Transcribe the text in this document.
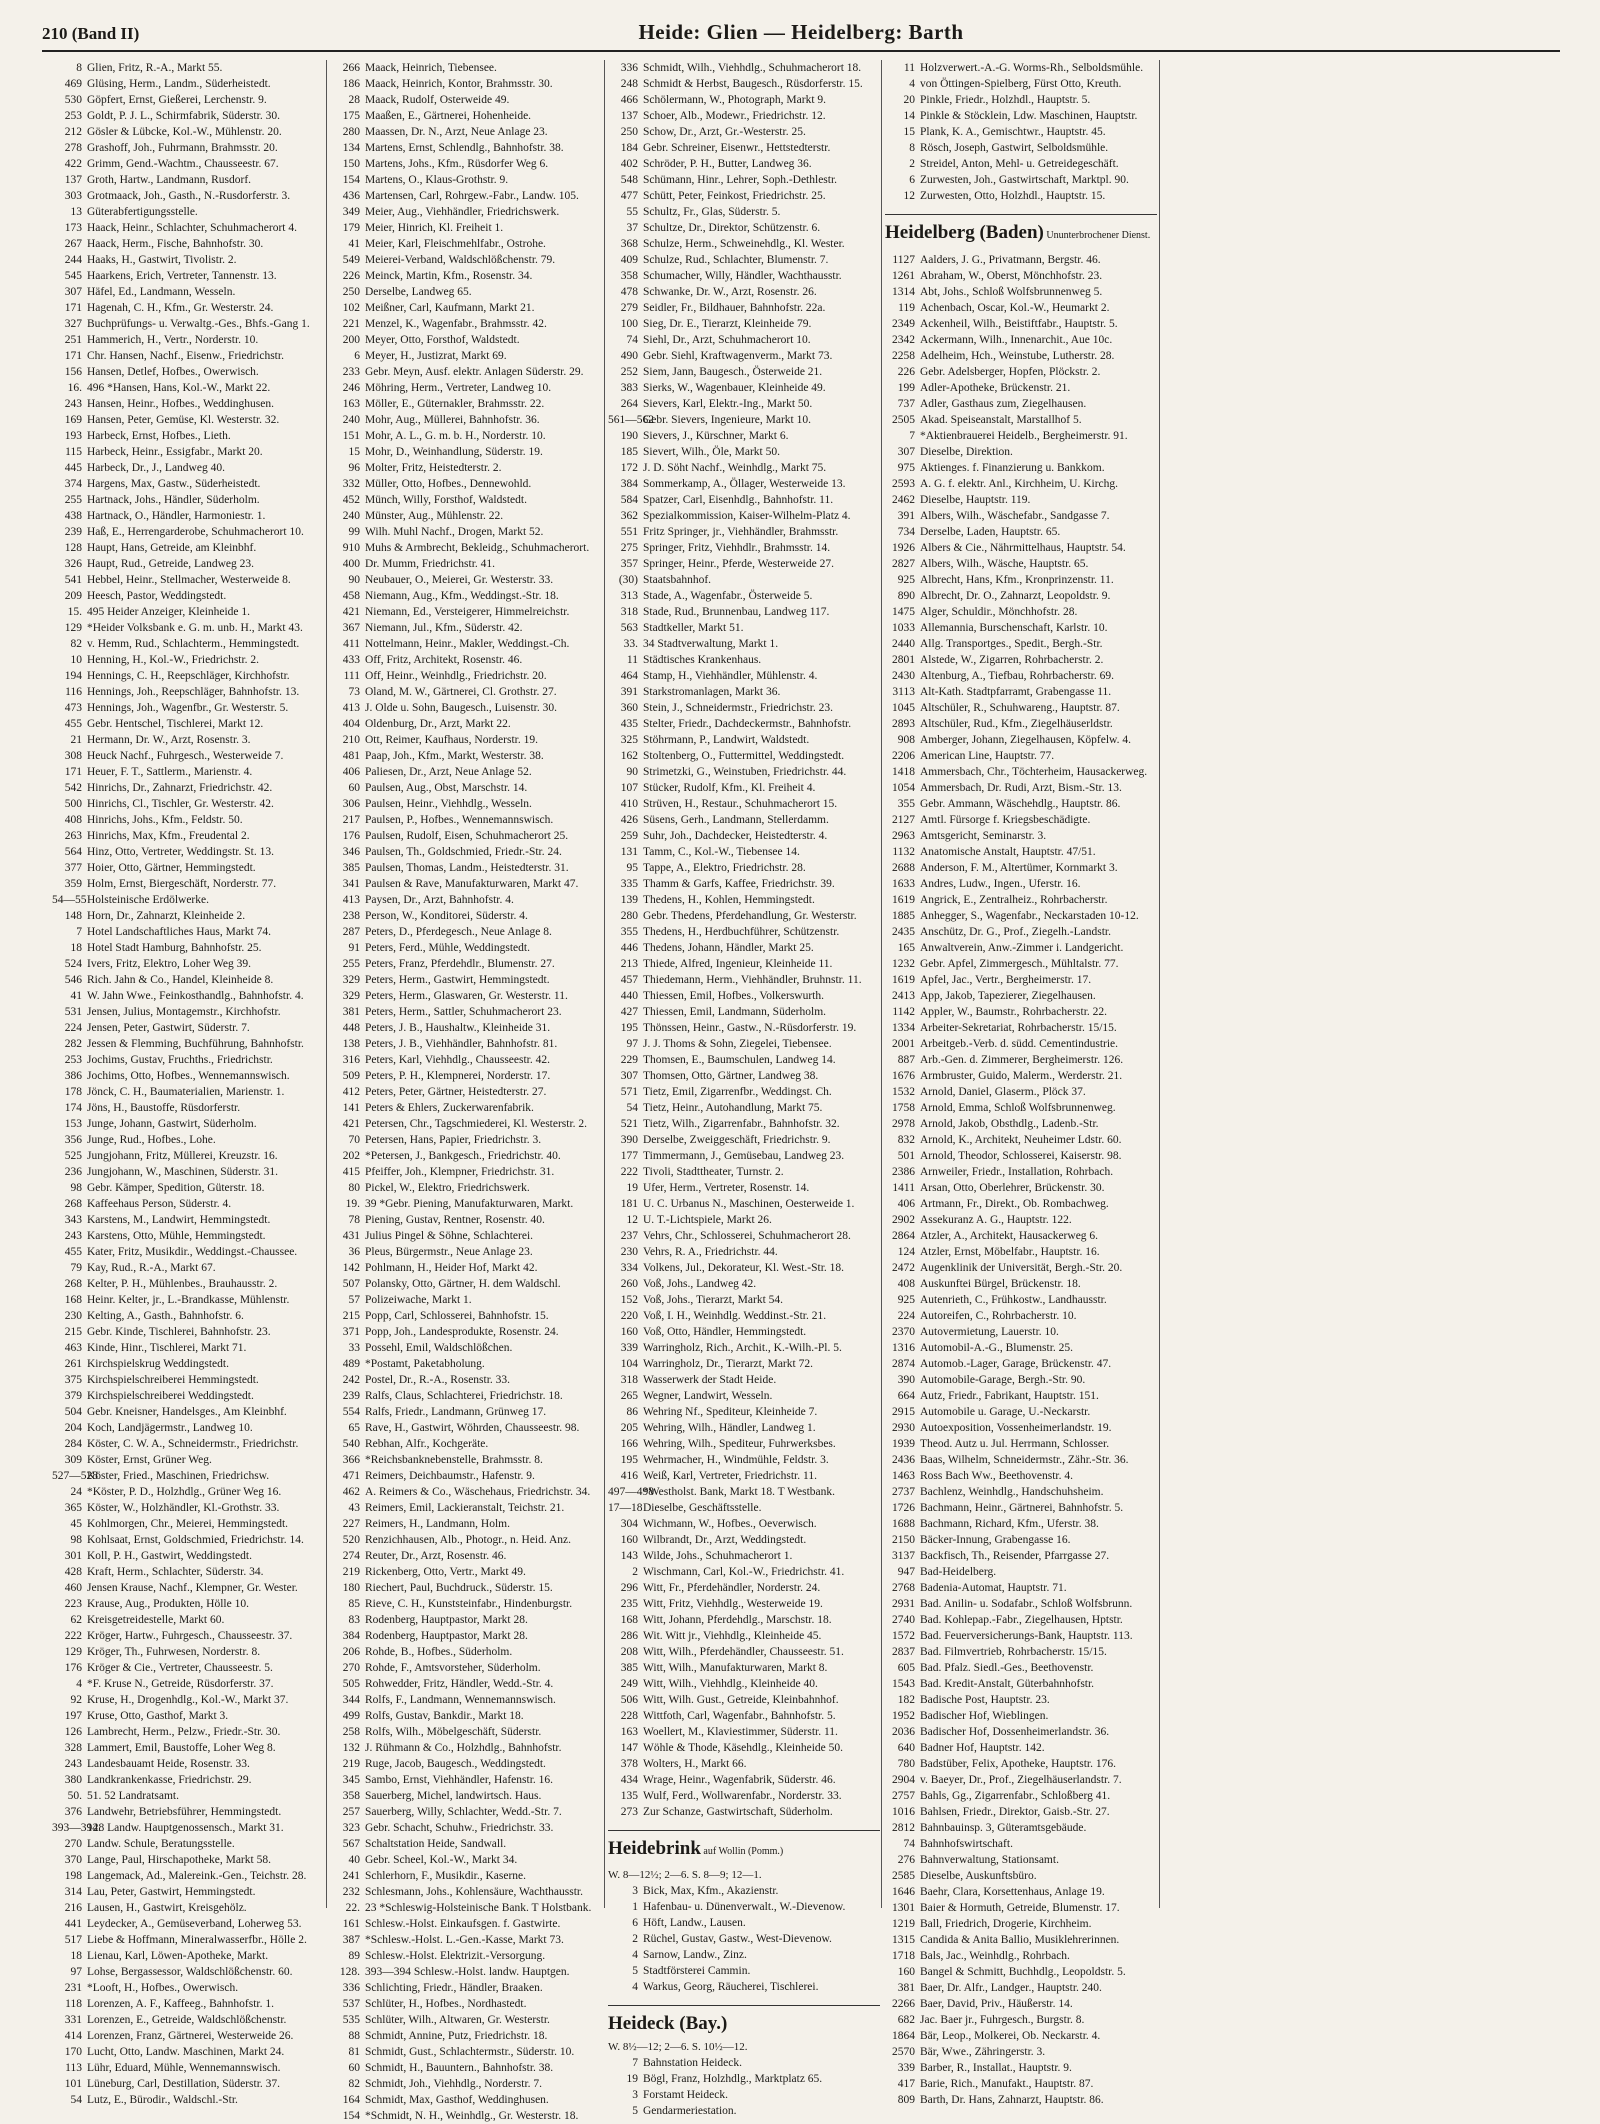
210 (Band II)	Heide: Glien — Heidelberg: Barth
8 Glien, Fritz, R.-A., Markt 55.
469 Glüsing, Herm., Landm., Süderheistedt.
530 Göpfert, Ernst, Gießerei, Lerchenstr. 9.
253 Goldt, P. J. L., Schirmfabrik, Süderstr. 30.
212 Gösler & Lübcke, Kol.-W., Mühlenstr. 20.
278 Grashoff, Joh., Fuhrmann, Brahmsstr. 20.
422 Grimm, Gend.-Wachtm., Chausseestr. 67.
137 Groth, Hartw., Landmann, Rusdorf.
303 Grotmaack, Joh., Gasth., N.-Rusdorferstr. 3.
13 Güterabfertigungsstelle.
173 Haack, Heinr., Schlachter, Schuhmacherort 4.
267 Haack, Herm., Fische, Bahnhofstr. 30.
244 Haaks, H., Gastwirt, Tivolistr. 2.
545 Haarkens, Erich, Vertreter, Tannenstr. 13.
307 Häfel, Ed., Landmann, Wesseln.
171 Hagenah, C. H., Kfm., Gr. Westerstr. 24.
327 Buchprüfungs- u. Verwaltg.-Ges., Bhfs.-Gang 1.
251 Hammerich, H., Vertr., Norderstr. 10.
171 Chr. Hansen, Nachf., Eisenw., Friedrichstr.
156 Hansen, Detlef, Hofbes., Owerwisch.
16. 496 *Hansen, Hans, Kol.-W., Markt 22.
243 Hansen, Heinr., Hofbes., Weddinghusen.
169 Hansen, Peter, Gemüse, Kl. Westerstr. 32.
193 Harbeck, Ernst, Hofbes., Lieth.
115 Harbeck, Heinr., Essigfabr., Markt 20.
445 Harbeck, Dr., J., Landweg 40.
374 Hargens, Max, Gastw., Süderheistedt.
255 Hartnack, Johs., Händler, Süderholm.
438 Hartnack, O., Händler, Harmoniestr. 1.
239 Haß, E., Herrengarderobe, Schuhmacherort 10.
128 Haupt, Hans, Getreide, am Kleinbhf.
326 Haupt, Rud., Getreide, Landweg 23.
541 Hebbel, Heinr., Stellmacher, Westerweide 8.
209 Heesch, Pastor, Weddingstedt.
15. 495 Heider Anzeiger, Kleinheide 1.
129 *Heider Volksbank e. G. m. unb. H., Markt 43.
82 v. Hemm, Rud., Schlachterm., Hemmingstedt.
10 Henning, H., Kol.-W., Friedrichstr. 2.
194 Hennings, C. H., Reepschläger, Kirchhofstr.
116 Hennings, Joh., Reepschläger, Bahnhofstr. 13.
473 Hennings, Joh., Wagenfbr., Gr. Westerstr. 5.
455 Gebr. Hentschel, Tischlerei, Markt 12.
21 Hermann, Dr. W., Arzt, Rosenstr. 3.
308 Heuck Nachf., Fuhrgesch., Westerweide 7.
171 Heuer, F. T., Sattlerm., Marienstr. 4.
542 Hinrichs, Dr., Zahnarzt, Friedrichstr. 42.
500 Hinrichs, Cl., Tischler, Gr. Westerstr. 42.
408 Hinrichs, Johs., Kfm., Feldstr. 50.
263 Hinrichs, Max, Kfm., Freudental 2.
564 Hinz, Otto, Vertreter, Weddingstr. St. 13.
377 Hoier, Otto, Gärtner, Hemmingstedt.
359 Holm, Ernst, Biergeschäft, Norderstr. 77.
54—55 Holsteinische Erdölwerke.
148 Horn, Dr., Zahnarzt, Kleinheide 2.
7 Hotel Landschaftliches Haus, Markt 74.
18 Hotel Stadt Hamburg, Bahnhofstr. 25.
524 Ivers, Fritz, Elektro, Loher Weg 39.
546 Rich. Jahn & Co., Handel, Kleinheide 8.
41 W. Jahn Wwe., Feinkosthandlg., Bahnhofstr. 4.
531 Jensen, Julius, Montagemstr., Kirchhofstr.
224 Jensen, Peter, Gastwirt, Süderstr. 7.
282 Jessen & Flemming, Buchführung, Bahnhofstr.
253 Jochims, Gustav, Fruchths., Friedrichstr.
386 Jochims, Otto, Hofbes., Wennemannswisch.
178 Jönck, C. H., Baumaterialien, Marienstr. 1.
174 Jöns, H., Baustoffe, Rüsdorferstr.
153 Junge, Johann, Gastwirt, Süderholm.
356 Junge, Rud., Hofbes., Lohe.
525 Jungjohann, Fritz, Müllerei, Kreuzstr. 16.
236 Jungjohann, W., Maschinen, Süderstr. 31.
98 Gebr. Kämper, Spedition, Güterstr. 18.
268 Kaffeehaus Person, Süderstr. 4.
343 Karstens, M., Landwirt, Hemmingstedt.
243 Karstens, Otto, Mühle, Hemmingstedt.
455 Kater, Fritz, Musikdir., Weddingst.-Chaussee.
79 Kay, Rud., R.-A., Markt 67.
268 Kelter, P. H., Mühlenbes., Brauhausstr. 2.
168 Heinr. Kelter, jr., L.-Brandkasse, Mühlenstr.
230 Kelting, A., Gasth., Bahnhofstr. 6.
215 Gebr. Kinde, Tischlerei, Bahnhofstr. 23.
463 Kinde, Hinr., Tischlerei, Markt 71.
261 Kirchspielskrug Weddingstedt.
375 Kirchspielschreiberei Hemmingstedt.
379 Kirchspielschreiberei Weddingstedt.
504 Gebr. Kneisner, Handelsges., Am Kleinbhf.
204 Koch, Landjägermstr., Landweg 10.
284 Köster, C. W. A., Schneidermstr., Friedrichstr.
309 Köster, Ernst, Grüner Weg.
527—528
Köster, Fried., Maschinen, Friedrichsw.
24 *Köster, P. D., Holzhdlg., Grüner Weg 16.
365 Köster, W., Holzhändler, Kl.-Grothstr. 33.
45 Kohlmorgen, Chr., Meierei, Hemmingstedt.
98 Kohlsaat, Ernst, Goldschmied, Friedrichstr. 14.
301 Koll, P. H., Gastwirt, Weddingstedt.
428 Kraft, Herm., Schlachter, Süderstr. 34.
460 Jensen Krause, Nachf., Klempner, Gr. Wester.
223 Krause, Aug., Produkten, Hölle 10.
62 Kreisgetreidestelle, Markt 60.
222 Kröger, Hartw., Fuhrgesch., Chausseestr. 37.
129 Kröger, Th., Fuhrwesen, Norderstr. 8.
176 Kröger & Cie., Vertreter, Chausseestr. 5.
4 *F. Kruse N., Getreide, Rüsdorferstr. 37.
92 Kruse, H., Drogenhdlg., Kol.-W., Markt 37.
197 Kruse, Otto, Gasthof, Markt 3.
126 Lambrecht, Herm., Pelzw., Friedr.-Str. 30.
328 Lammert, Emil, Baustoffe, Loher Weg 8.
243 Landesbauamt Heide, Rosenstr. 33.
380 Landkrankenkasse, Friedrichstr. 29.
50. 51. 52 Landratsamt.
376 Landwehr, Betriebsführer, Hemmingstedt.
393—394.
128 Landw. Hauptgenossensch., Markt 31.
270 Landw. Schule, Beratungsstelle.
370 Lange, Paul, Hirschapotheke, Markt 58.
198 Langemack, Ad., Malereink.-Gen., Teichstr. 28.
314 Lau, Peter, Gastwirt, Hemmingstedt.
216 Lausen, H., Gastwirt, Kreisgehölz.
441 Leydecker, A., Gemüseverband, Loherweg 53.
517 Liebe & Hoffmann, Mineralwasserfbr., Hölle 2.
18 Lienau, Karl, Löwen-Apotheke, Markt.
97 Lohse, Bergassessor, Waldschlößchenstr. 60.
231 *Looft, H., Hofbes., Owerwisch.
118 Lorenzen, A. F., Kaffeeg., Bahnhofstr. 1.
331 Lorenzen, E., Getreide, Waldschlößchenstr.
414 Lorenzen, Franz, Gärtnerei, Westerweide 26.
170 Lucht, Otto, Landw. Maschinen, Markt 24.
113 Lühr, Eduard, Mühle, Wennemannswisch.
101 Lüneburg, Carl, Destillation, Süderstr. 37.
54 Lutz, E., Bürodir., Waldschl.-Str.
266 Maack, Heinrich, Tiebensee.
186 Maack, Heinrich, Kontor, Brahmsstr. 30.
28 Maack, Rudolf, Osterweide 49.
175 Maaßen, E., Gärtnerei, Hohenheide.
280 Maassen, Dr. N., Arzt, Neue Anlage 23.
134 Martens, Ernst, Schlendlg., Bahnhofstr. 38.
150 Martens, Johs., Kfm., Rüsdorfer Weg 6.
154 Martens, O., Klaus-Grothstr. 9.
436 Martensen, Carl, Rohrgew.-Fabr., Landw. 105.
349 Meier, Aug., Viehhändler, Friedrichswerk.
179 Meier, Hinrich, Kl. Freiheit 1.
41 Meier, Karl, Fleischmehlfabr., Ostrohe.
549 Meierei-Verband, Waldschlößchenstr. 79.
226 Meinck, Martin, Kfm., Rosenstr. 34.
250 Derselbe, Landweg 65.
102 Meißner, Carl, Kaufmann, Markt 21.
221 Menzel, K., Wagenfabr., Brahmsstr. 42.
200 Meyer, Otto, Forsthof, Waldstedt.
6 Meyer, H., Justizrat, Markt 69.
233 Gebr. Meyn, Ausf. elektr. Anlagen Süderstr. 29.
246 Möhring, Herm., Vertreter, Landweg 10.
163 Möller, E., Güternakler, Brahmsstr. 22.
240 Mohr, Aug., Müllerei, Bahnhofstr. 36.
151 Mohr, A. L., G. m. b. H., Norderstr. 10.
15 Mohr, D., Weinhandlung, Süderstr. 19.
96 Molter, Fritz, Heistedterstr. 2.
332 Müller, Otto, Hofbes., Dennewohld.
452 Münch, Willy, Forsthof, Waldstedt.
240 Münster, Aug., Mühlenstr. 22.
99 Wilh. Muhl Nachf., Drogen, Markt 52.
910 Muhs & Armbrecht, Bekleidg., Schuhmacherort.
400 Dr. Mumm, Friedrichstr. 41.
90 Neubauer, O., Meierei, Gr. Westerstr. 33.
458 Niemann, Aug., Kfm., Weddingst.-Str. 18.
421 Niemann, Ed., Versteigerer, Himmelreichstr.
367 Niemann, Jul., Kfm., Süderstr. 42.
411 Nottelmann, Heinr., Makler, Weddingst.-Ch.
433 Off, Fritz, Architekt, Rosenstr. 46.
111 Off, Heinr., Weinhdlg., Friedrichstr. 20.
73 Oland, M. W., Gärtnerei, Cl. Grothstr. 27.
413 J. Olde u. Sohn, Baugesch., Luisenstr. 30.
404 Oldenburg, Dr., Arzt, Markt 22.
210 Ott, Reimer, Kaufhaus, Norderstr. 19.
481 Paap, Joh., Kfm., Markt, Westerstr. 38.
406 Paliesen, Dr., Arzt, Neue Anlage 52.
60 Paulsen, Aug., Obst, Marschstr. 14.
306 Paulsen, Heinr., Viehhdlg., Wesseln.
217 Paulsen, P., Hofbes., Wennemannswisch.
176 Paulsen, Rudolf, Eisen, Schuhmacherort 25.
346 Paulsen, Th., Goldschmied, Friedr.-Str. 24.
385 Paulsen, Thomas, Landm., Heistedterstr. 31.
341 Paulsen & Rave, Manufakturwaren, Markt 47.
413 Paysen, Dr., Arzt, Bahnhofstr. 4.
238 Person, W., Konditorei, Süderstr. 4.
287 Peters, D., Pferdegesch., Neue Anlage 8.
91 Peters, Ferd., Mühle, Weddingstedt.
255 Peters, Franz, Pferdehdlr., Blumenstr. 27.
329 Peters, Herm., Gastwirt, Hemmingstedt.
329 Peters, Herm., Glaswaren, Gr. Westerstr. 11.
381 Peters, Herm., Sattler, Schuhmacherort 23.
448 Peters, J. B., Haushaltw., Kleinheide 31.
138 Peters, J. B., Viehhändler, Bahnhofstr. 81.
316 Peters, Karl, Viehhdlg., Chausseestr. 42.
509 Peters, P. H., Klempnerei, Norderstr. 17.
412 Peters, Peter, Gärtner, Heistedterstr. 27.
141 Peters & Ehlers, Zuckerwarenfabrik.
421 Petersen, Chr., Tagschmiederei, Kl. Westerstr. 2.
70 Petersen, Hans, Papier, Friedrichstr. 3.
202 *Petersen, J., Bankgesch., Friedrichstr. 40.
415 Pfeiffer, Joh., Klempner, Friedrichstr. 31.
80 Pickel, W., Elektro, Friedrichswerk.
19. 39 *Gebr. Piening, Manufakturwaren, Markt.
78 Piening, Gustav, Rentner, Rosenstr. 40.
431 Julius Pingel & Söhne, Schlachterei.
36 Pleus, Bürgermstr., Neue Anlage 23.
142 Pohlmann, H., Heider Hof, Markt 42.
507 Polansky, Otto, Gärtner, H. dem Waldschl.
57 Polizeiwache, Markt 1.
215 Popp, Carl, Schlosserei, Bahnhofstr. 15.
371 Popp, Joh., Landesprodukte, Rosenstr. 24.
33 Possehl, Emil, Waldschlößchen.
489 *Postamt, Paketabholung.
242 Postel, Dr., R.-A., Rosenstr. 33.
239 Ralfs, Claus, Schlachterei, Friedrichstr. 18.
554 Ralfs, Friedr., Landmann, Grünweg 17.
65 Rave, H., Gastwirt, Wöhrden, Chausseestr. 98.
540 Rebhan, Alfr., Kochgeräte.
366 *Reichsbanknebenstelle, Brahmsstr. 8.
471 Reimers, Deichbaumstr., Hafenstr. 9.
462 A. Reimers & Co., Wäschehaus, Friedrichstr. 34.
43 Reimers, Emil, Lackieranstalt, Teichstr. 21.
227 Reimers, H., Landmann, Holm.
520 Renzichhausen, Alb., Photogr., n. Heid. Anz.
274 Reuter, Dr., Arzt, Rosenstr. 46.
219 Rickenberg, Otto, Vertr., Markt 49.
180 Riechert, Paul, Buchdruck., Süderstr. 15.
85 Rieve, C. H., Kunststeinfabr., Hindenburgstr.
83 Rodenberg, Hauptpastor, Markt 28.
384 Rodenberg, Hauptpastor, Markt 28.
206 Rohde, B., Hofbes., Süderholm.
270 Rohde, F., Amtsvorsteher, Süderholm.
505 Rohwedder, Fritz, Händler, Wedd.-Str. 4.
344 Rolfs, F., Landmann, Wennemannswisch.
499 Rolfs, Gustav, Bankdir., Markt 18.
258 Rolfs, Wilh., Möbelgeschäft, Süderstr.
132 J. Rühmann & Co., Holzhdlg., Bahnhofstr.
219 Ruge, Jacob, Baugesch., Weddingstedt.
345 Sambo, Ernst, Viehhändler, Hafenstr. 16.
358 Sauerberg, Michel, landwirtsch. Haus.
257 Sauerberg, Willy, Schlachter, Wedd.-Str. 7.
323 Gebr. Schacht, Schuhw., Friedrichstr. 33.
567 Schaltstation Heide, Sandwall.
40 Gebr. Scheel, Kol.-W., Markt 34.
241 Schlerhorn, F., Musikdir., Kaserne.
232 Schlesmann, Johs., Kohlensäure, Wachthausstr.
22. 23 *Schleswig-Holsteinische Bank. T Holstbank.
161 Schlesw.-Holst. Einkaufsgen. f. Gastwirte.
387 *Schlesw.-Holst. L.-Gen.-Kasse, Markt 73.
89 Schlesw.-Holst. Elektrizit.-Versorgung.
128. 393—394 Schlesw.-Holst. landw. Hauptgen.
336 Schlichting, Friedr., Händler, Braaken.
537 Schlüter, H., Hofbes., Nordhastedt.
535 Schlüter, Wilh., Altwaren, Gr. Westerstr.
88 Schmidt, Annine, Putz, Friedrichstr. 18.
81 Schmidt, Gust., Schlachtermstr., Süderstr. 10.
60 Schmidt, H., Bauuntern., Bahnhofstr. 38.
82 Schmidt, Joh., Viehhdlg., Norderstr. 7.
164 Schmidt, Max, Gasthof, Weddinghusen.
154 *Schmidt, N. H., Weinhdlg., Gr. Westerstr. 18.
336 Schmidt, Wilh., Viehhdlg., Schuhmacherort 18.
248 Schmidt & Herbst, Baugesch., Rüsdorferstr. 15.
466 Schölermann, W., Photograph, Markt 9.
137 Schoer, Alb., Modewr., Friedrichstr. 12.
250 Schow, Dr., Arzt, Gr.-Westerstr. 25.
184 Gebr. Schreiner, Eisenwr., Hettstedterstr.
402 Schröder, P. H., Butter, Landweg 36.
548 Schümann, Hinr., Lehrer, Soph.-Dethlestr.
477 Schütt, Peter, Feinkost, Friedrichstr. 25.
55 Schultz, Fr., Glas, Süderstr. 5.
37 Schultze, Dr., Direktor, Schützenstr. 6.
368 Schulze, Herm., Schweinehdlg., Kl. Wester.
409 Schulze, Rud., Schlachter, Blumenstr. 7.
358 Schumacher, Willy, Händler, Wachthausstr.
478 Schwanke, Dr. W., Arzt, Rosenstr. 26.
279 Seidler, Fr., Bildhauer, Bahnhofstr. 22a.
100 Sieg, Dr. E., Tierarzt, Kleinheide 79.
74 Siehl, Dr., Arzt, Schuhmacherort 10.
490 Gebr. Siehl, Kraftwagenverm., Markt 73.
252 Siem, Jann, Baugesch., Österweide 21.
383 Sierks, W., Wagenbauer, Kleinheide 49.
264 Sievers, Karl, Elektr.-Ing., Markt 50.
561—562
Gebr. Sievers, Ingenieure, Markt 10.
190 Sievers, J., Kürschner, Markt 6.
185 Sievert, Wilh., Öle, Markt 50.
172 J. D. Söht Nachf., Weinhdlg., Markt 75.
384 Sommerkamp, A., Öllager, Westerweide 13.
584 Spatzer, Carl, Eisenhdlg., Bahnhofstr. 11.
362 Spezialkommission, Kaiser-Wilhelm-Platz 4.
551 Fritz Springer, jr., Viehhändler, Brahmsstr.
275 Springer, Fritz, Viehhdlr., Brahmsstr. 14.
357 Springer, Heinr., Pferde, Westerweide 27.
(30) Staatsbahnhof.
313 Stade, A., Wagenfabr., Österweide 5.
318 Stade, Rud., Brunnenbau, Landweg 117.
563 Stadtkeller, Markt 51.
33. 34 Stadtverwaltung, Markt 1.
11 Städtisches Krankenhaus.
464 Stamp, H., Viehhändler, Mühlenstr. 4.
391 Starkstromanlagen, Markt 36.
360 Stein, J., Schneidermstr., Friedrichstr. 23.
435 Stelter, Friedr., Dachdeckermstr., Bahnhofstr.
325 Stöhrmann, P., Landwirt, Waldstedt.
162 Stoltenberg, O., Futtermittel, Weddingstedt.
90 Strimetzki, G., Weinstuben, Friedrichstr. 44.
107 Stücker, Rudolf, Kfm., Kl. Freiheit 4.
410 Strüven, H., Restaur., Schuhmacherort 15.
426 Süsens, Gerh., Landmann, Stellerdamm.
259 Suhr, Joh., Dachdecker, Heistedterstr. 4.
131 Tamm, C., Kol.-W., Tiebensee 14.
95 Tappe, A., Elektro, Friedrichstr. 28.
335 Thamm & Garfs, Kaffee, Friedrichstr. 39.
139 Thedens, H., Kohlen, Hemmingstedt.
280 Gebr. Thedens, Pferdehandlung, Gr. Westerstr.
355 Thedens, H., Herdbuchführer, Schützenstr.
446 Thedens, Johann, Händler, Markt 25.
213 Thiede, Alfred, Ingenieur, Kleinheide 11.
457 Thiedemann, Herm., Viehhändler, Bruhnstr. 11.
440 Thiessen, Emil, Hofbes., Volkerswurth.
427 Thiessen, Emil, Landmann, Süderholm.
195 Thönssen, Heinr., Gastw., N.-Rüsdorferstr. 19.
97 J. J. Thoms & Sohn, Ziegelei, Tiebensee.
229 Thomsen, E., Baumschulen, Landweg 14.
307 Thomsen, Otto, Gärtner, Landweg 38.
571 Tietz, Emil, Zigarrenfbr., Weddingst. Ch.
54 Tietz, Heinr., Autohandlung, Markt 75.
521 Tietz, Wilh., Zigarrenfabr., Bahnhofstr. 32.
390 Derselbe, Zweiggeschäft, Friedrichstr. 9.
177 Timmermann, J., Gemüsebau, Landweg 23.
222 Tivoli, Stadttheater, Turnstr. 2.
19 Ufer, Herm., Vertreter, Rosenstr. 14.
181 U. C. Urbanus N., Maschinen, Oesterweide 1.
12 U. T.-Lichtspiele, Markt 26.
237 Vehrs, Chr., Schlosserei, Schuhmacherort 28.
230 Vehrs, R. A., Friedrichstr. 44.
334 Volkens, Jul., Dekorateur, Kl. West.-Str. 18.
260 Voß, Johs., Landweg 42.
152 Voß, Johs., Tierarzt, Markt 54.
220 Voß, I. H., Weinhdlg. Weddinst.-Str. 21.
160 Voß, Otto, Händler, Hemmingstedt.
339 Warringholz, Rich., Archit., K.-Wilh.-Pl. 5.
104 Warringholz, Dr., Tierarzt, Markt 72.
318 Wasserwerk der Stadt Heide.
265 Wegner, Landwirt, Wesseln.
86 Wehring Nf., Spediteur, Kleinheide 7.
205 Wehring, Wilh., Händler, Landweg 1.
166 Wehring, Wilh., Spediteur, Fuhrwerksbes.
195 Wehrmacher, H., Windmühle, Feldstr. 3.
416 Weiß, Karl, Vertreter, Friedrichstr. 11.
497—498
*Westholst. Bank, Markt 18. T Westbank.
17—18 Dieselbe, Geschäftsstelle.
304 Wichmann, W., Hofbes., Oeverwisch.
160 Wilbrandt, Dr., Arzt, Weddingstedt.
143 Wilde, Johs., Schuhmacherort 1.
2 Wischmann, Carl, Kol.-W., Friedrichstr. 41.
296 Witt, Fr., Pferdehändler, Norderstr. 24.
235 Witt, Fritz, Viehhdlg., Westerweide 19.
168 Witt, Johann, Pferdehdlg., Marschstr. 18.
286 Wit. Witt jr., Viehhdlg., Kleinheide 45.
208 Witt, Wilh., Pferdehändler, Chausseestr. 51.
385 Witt, Wilh., Manufakturwaren, Markt 8.
249 Witt, Wilh., Viehhdlg., Kleinheide 40.
506 Witt, Wilh. Gust., Getreide, Kleinbahnhof.
228 Wittfoth, Carl, Wagenfabr., Bahnhofstr. 5.
163 Woellert, M., Klaviestimmer, Süderstr. 11.
147 Wöhle & Thode, Käsehdlg., Kleinheide 50.
378 Wolters, H., Markt 66.
434 Wrage, Heinr., Wagenfabrik, Süderstr. 46.
135 Wulf, Ferd., Wollwarenfabr., Norderstr. 33.
273 Zur Schanze, Gastwirtschaft, Süderholm.
Heidebrink auf Wollin (Pomm.)
W. 8—12½; 2—6. S. 8—9; 12—1.
3 Bick, Max, Kfm., Akazienstr.
1 Hafenbau- u. Dünenverwalt., W.-Dievenow.
6 Höft, Landw., Lausen.
2 Rüchel, Gustav, Gastw., West-Dievenow.
4 Sarnow, Landw., Zinz.
5 Stadtförsterei Cammin.
4 Warkus, Georg, Räucherei, Tischlerei.
Heideck (Bay.)
W. 8½—12; 2—6. S. 10½—12.
7 Bahnstation Heideck.
19 Bögl, Franz, Holzhdlg., Marktplatz 65.
3 Forstamt Heideck.
5 Gendarmeriestation.
11 Holzverwert.-A.-G. Worms-Rh., Selboldsmühle.
4 von Öttingen-Spielberg, Fürst Otto, Kreuth.
20 Pinkle, Friedr., Holzhdl., Hauptstr. 5.
14 Pinkle & Stöcklein, Ldw. Maschinen, Hauptstr.
15 Plank, K. A., Gemischtwr., Hauptstr. 45.
8 Rösch, Joseph, Gastwirt, Selboldsmühle.
2 Streidel, Anton, Mehl- u. Getreidegeschäft.
6 Zurwesten, Joh., Gastwirtschaft, Marktpl. 90.
12 Zurwesten, Otto, Holzhdl., Hauptstr. 15.
Heidelberg (Baden) Ununterbrochener Dienst.
1127 Aalders, J. G., Privatmann, Bergstr. 46.
1261 Abraham, W., Oberst, Mönchhofstr. 23.
1314 Abt, Johs., Schloß Wolfsbrunnenweg 5.
119 Achenbach, Oscar, Kol.-W., Heumarkt 2.
2349 Ackenheil, Wilh., Beistiftfabr., Hauptstr. 5.
2342 Ackermann, Wilh., Innenarchit., Aue 10c.
2258 Adelheim, Hch., Weinstube, Lutherstr. 28.
226 Gebr. Adelsberger, Hopfen, Plöckstr. 2.
199 Adler-Apotheke, Brückenstr. 21.
737 Adler, Gasthaus zum, Ziegelhausen.
2505 Akad. Speiseanstalt, Marstallhof 5.
7 *Aktienbrauerei Heidelb., Bergheimerstr. 91.
307 Dieselbe, Direktion.
975 Aktienges. f. Finanzierung u. Bankkom.
2593 A. G. f. elektr. Anl., Kirchheim, U. Kirchg.
2462 Dieselbe, Hauptstr. 119.
391 Albers, Wilh., Wäschefabr., Sandgasse 7.
734 Derselbe, Laden, Hauptstr. 65.
1926 Albers & Cie., Nährmittelhaus, Hauptstr. 54.
2827 Albers, Wilh., Wäsche, Hauptstr. 65.
925 Albrecht, Hans, Kfm., Kronprinzenstr. 11.
890 Albrecht, Dr. O., Zahnarzt, Leopoldstr. 9.
1475 Alger, Schuldir., Mönchhofstr. 28.
1033 Allemannia, Burschenschaft, Karlstr. 10.
2440 Allg. Transportges., Spedit., Bergh.-Str.
2801 Alstede, W., Zigarren, Rohrbacherstr. 2.
2430 Altenburg, A., Tiefbau, Rohrbacherstr. 69.
3113 Alt-Kath. Stadtpfarramt, Grabengasse 11.
1045 Altschüler, R., Schuhwareng., Hauptstr. 87.
2893 Altschüler, Rud., Kfm., Ziegelhäuserldstr.
908 Amberger, Johann, Ziegelhausen, Köpfelw. 4.
2206 American Line, Hauptstr. 77.
1418 Ammersbach, Chr., Töchterheim, Hausackerweg.
1054 Ammersbach, Dr. Rudi, Arzt, Bism.-Str. 13.
355 Gebr. Ammann, Wäschehdlg., Hauptstr. 86.
2127 Amtl. Fürsorge f. Kriegsbeschädigte.
2963 Amtsgericht, Seminarstr. 3.
1132 Anatomische Anstalt, Hauptstr. 47/51.
2688 Anderson, F. M., Altertümer, Kornmarkt 3.
1633 Andres, Ludw., Ingen., Uferstr. 16.
1619 Angrick, E., Zentralheiz., Rohrbacherstr.
1885 Anhegger, S., Wagenfabr., Neckarstaden 10-12.
2435 Anschütz, Dr. G., Prof., Ziegelh.-Landstr.
165 Anwaltverein, Anw.-Zimmer i. Landgericht.
1232 Gebr. Apfel, Zimmergesch., Mühltalstr. 77.
1619 Apfel, Jac., Vertr., Bergheimerstr. 17.
2413 App, Jakob, Tapezierer, Ziegelhausen.
1142 Appler, W., Baumstr., Rohrbacherstr. 22.
1334 Arbeiter-Sekretariat, Rohrbacherstr. 15/15.
2001 Arbeitgeb.-Verb. d. südd. Cementindustrie.
887 Arb.-Gen. d. Zimmerer, Bergheimerstr. 126.
1676 Armbruster, Guido, Malerm., Werderstr. 21.
1532 Arnold, Daniel, Glaserm., Plöck 37.
1758 Arnold, Emma, Schloß Wolfsbrunnenweg.
2978 Arnold, Jakob, Obsthdlg., Ladenb.-Str.
832 Arnold, K., Architekt, Neuheimer Ldstr. 60.
501 Arnold, Theodor, Schlosserei, Kaiserstr. 98.
2386 Arnweiler, Friedr., Installation, Rohrbach.
1411 Arsan, Otto, Oberlehrer, Brückenstr. 30.
406 Artmann, Fr., Direkt., Ob. Rombachweg.
2902 Assekuranz A. G., Hauptstr. 122.
2864 Atzler, A., Architekt, Hausackerweg 6.
124 Atzler, Ernst, Möbelfabr., Hauptstr. 16.
2472 Augenklinik der Universität, Bergh.-Str. 20.
408 Auskunftei Bürgel, Brückenstr. 18.
925 Autenrieth, C., Frühkostw., Landhausstr.
224 Autoreifen, C., Rohrbacherstr. 10.
2370 Autovermietung, Lauerstr. 10.
1316 Automobil-A.-G., Blumenstr. 25.
2874 Automob.-Lager, Garage, Brückenstr. 47.
390 Automobile-Garage, Bergh.-Str. 90.
664 Autz, Friedr., Fabrikant, Hauptstr. 151.
2915 Automobile u. Garage, U.-Neckarstr.
2930 Autoexposition, Vossenheimerlandstr. 19.
1939 Theod. Autz u. Jul. Herrmann, Schlosser.
2436 Baas, Wilhelm, Schneidermstr., Zähr.-Str. 36.
1463 Ross Bach Ww., Beethovenstr. 4.
2737 Bachlenz, Weinhdlg., Handschuhsheim.
1726 Bachmann, Heinr., Gärtnerei, Bahnhofstr. 5.
1688 Bachmann, Richard, Kfm., Uferstr. 38.
2150 Bäcker-Innung, Grabengasse 16.
3137 Backfisch, Th., Reisender, Pfarrgasse 27.
947 Bad-Heidelberg.
2768 Badenia-Automat, Hauptstr. 71.
2931 Bad. Anilin- u. Sodafabr., Schloß Wolfsbrunn.
2740 Bad. Kohlepap.-Fabr., Ziegelhausen, Hptstr.
1572 Bad. Feuerversicherungs-Bank, Hauptstr. 113.
2837 Bad. Filmvertrieb, Rohrbacherstr. 15/15.
605 Bad. Pfalz. Siedl.-Ges., Beethovenstr.
1543 Bad. Kredit-Anstalt, Güterbahnhofstr.
182 Badische Post, Hauptstr. 23.
1952 Badischer Hof, Wieblingen.
2036 Badischer Hof, Dossenheimerlandstr. 36.
640 Badner Hof, Hauptstr. 142.
780 Badstüber, Felix, Apotheke, Hauptstr. 176.
2904 v. Baeyer, Dr., Prof., Ziegelhäuserlandstr. 7.
2757 Bahls, Gg., Zigarrenfabr., Schloßberg 41.
1016 Bahlsen, Friedr., Direktor, Gaisb.-Str. 27.
2812 Bahnbauinsp. 3, Güteramtsgebäude.
74 Bahnhofswirtschaft.
276 Bahnverwaltung, Stationsamt.
2585 Dieselbe, Auskunftsbüro.
1646 Baehr, Clara, Korsettenhaus, Anlage 19.
1301 Baier & Hormuth, Getreide, Blumenstr. 17.
1219 Ball, Friedrich, Drogerie, Kirchheim.
1315 Candida & Anita Ballio, Musiklehrerinnen.
1718 Bals, Jac., Weinhdlg., Rohrbach.
160 Bangel & Schmitt, Buchhdlg., Leopoldstr. 5.
381 Baer, Dr. Alfr., Landger., Hauptstr. 240.
2266 Baer, David, Priv., Häußerstr. 14.
682 Jac. Baer jr., Fuhrgesch., Burgstr. 8.
1864 Bär, Leop., Molkerei, Ob. Neckarstr. 4.
2570 Bär, Wwe., Zähringerstr. 3.
339 Barber, R., Installat., Hauptstr. 9.
417 Barie, Rich., Manufakt., Hauptstr. 87.
809 Barth, Dr. Hans, Zahnarzt, Hauptstr. 86.
